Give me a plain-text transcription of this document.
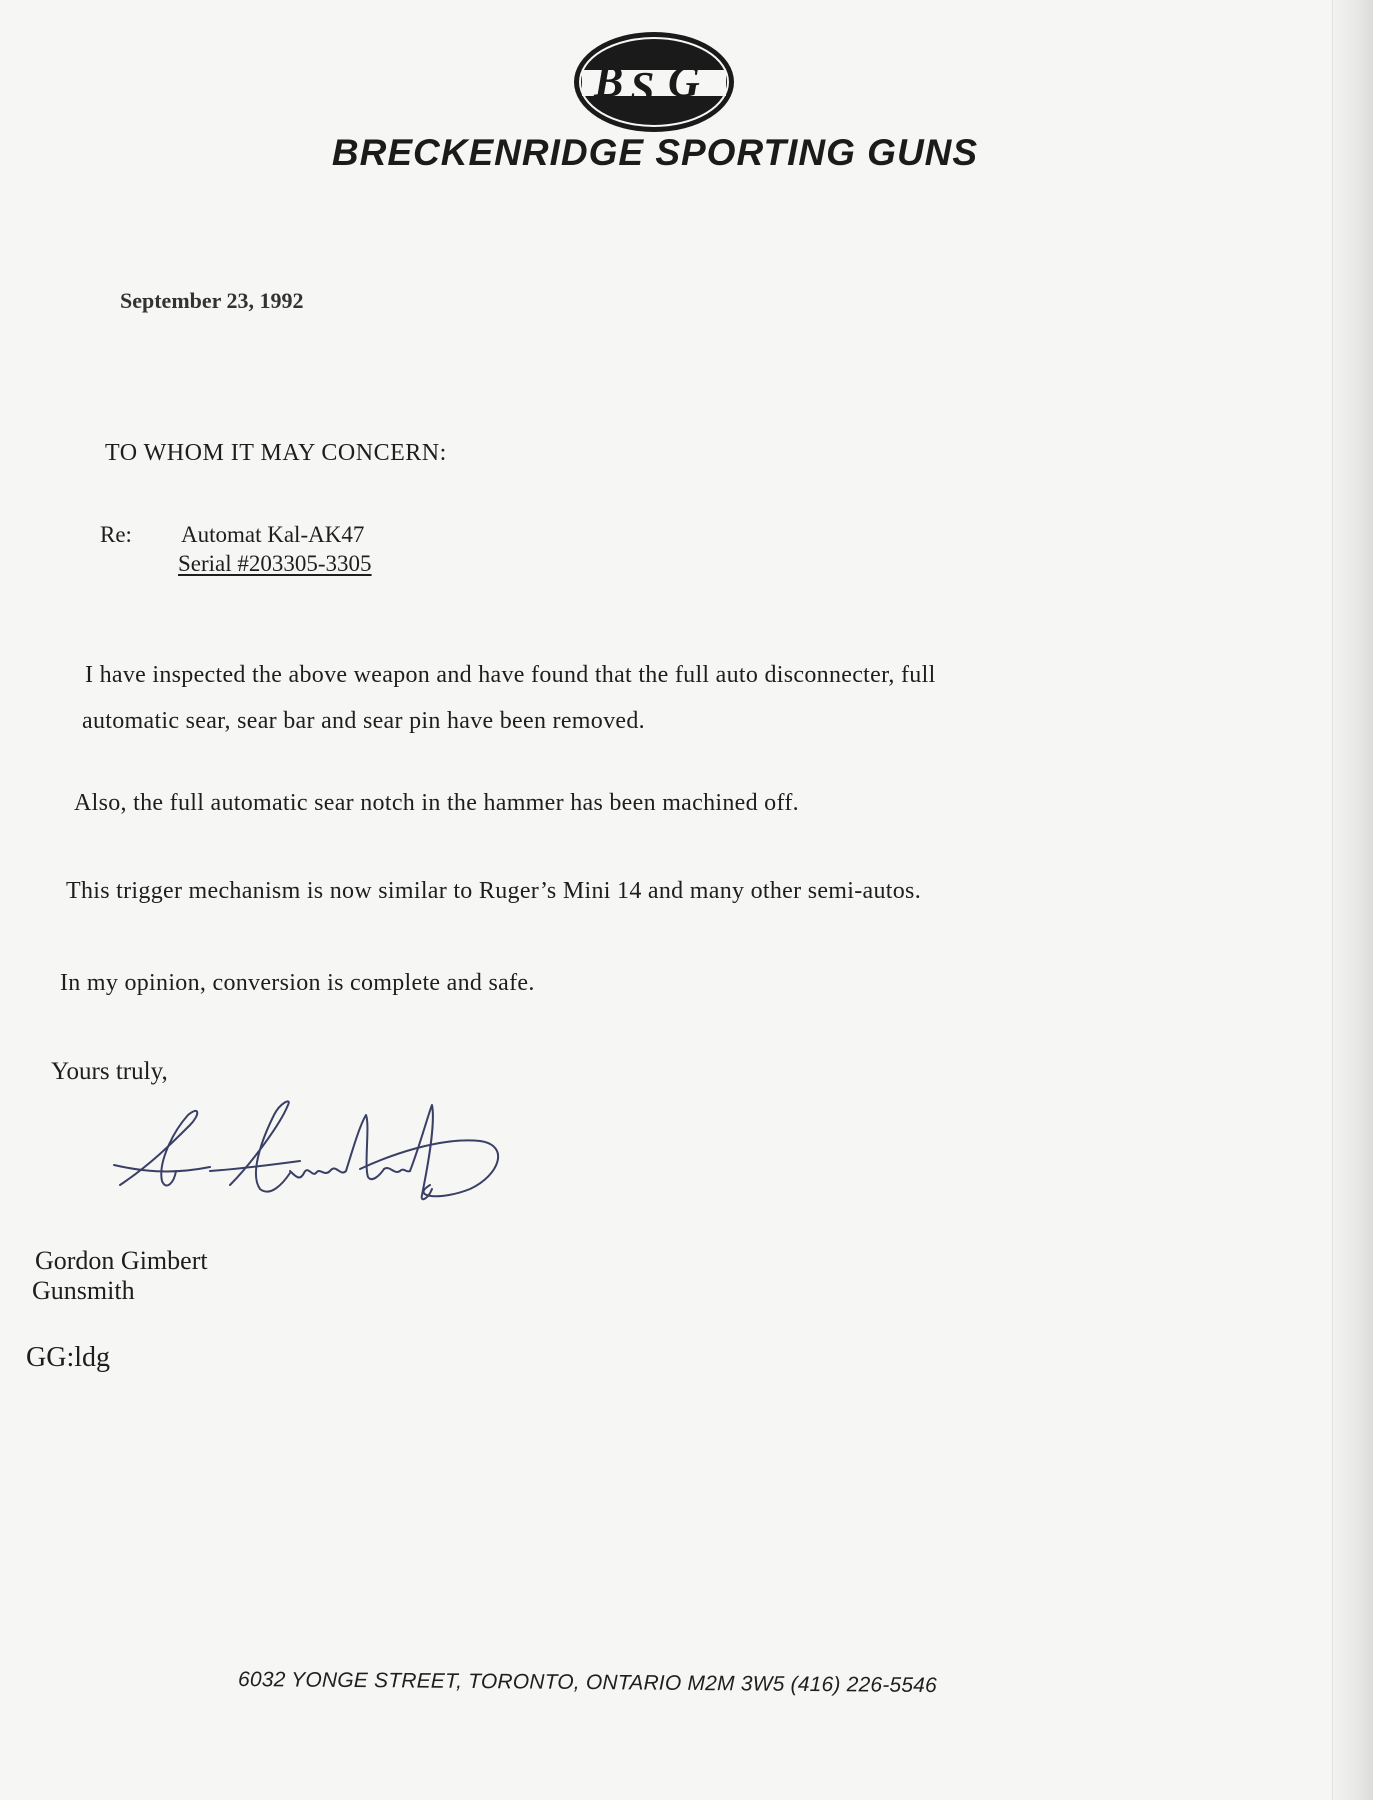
B S G
BRECKENRIDGE SPORTING GUNS
September 23, 1992
TO WHOM IT MAY CONCERN:
Re: Automat Kal-AK47
Serial #203305-3305
I have inspected the above weapon and have found that the full auto disconnecter, full
automatic sear, sear bar and sear pin have been removed.
Also, the full automatic sear notch in the hammer has been machined off.
This trigger mechanism is now similar to Ruger’s Mini 14 and many other semi-autos.
In my opinion, conversion is complete and safe.
Yours truly,
Gordon Gimbert
Gunsmith
GG:ldg
6032 YONGE STREET, TORONTO, ONTARIO M2M 3W5 (416) 226-5546
